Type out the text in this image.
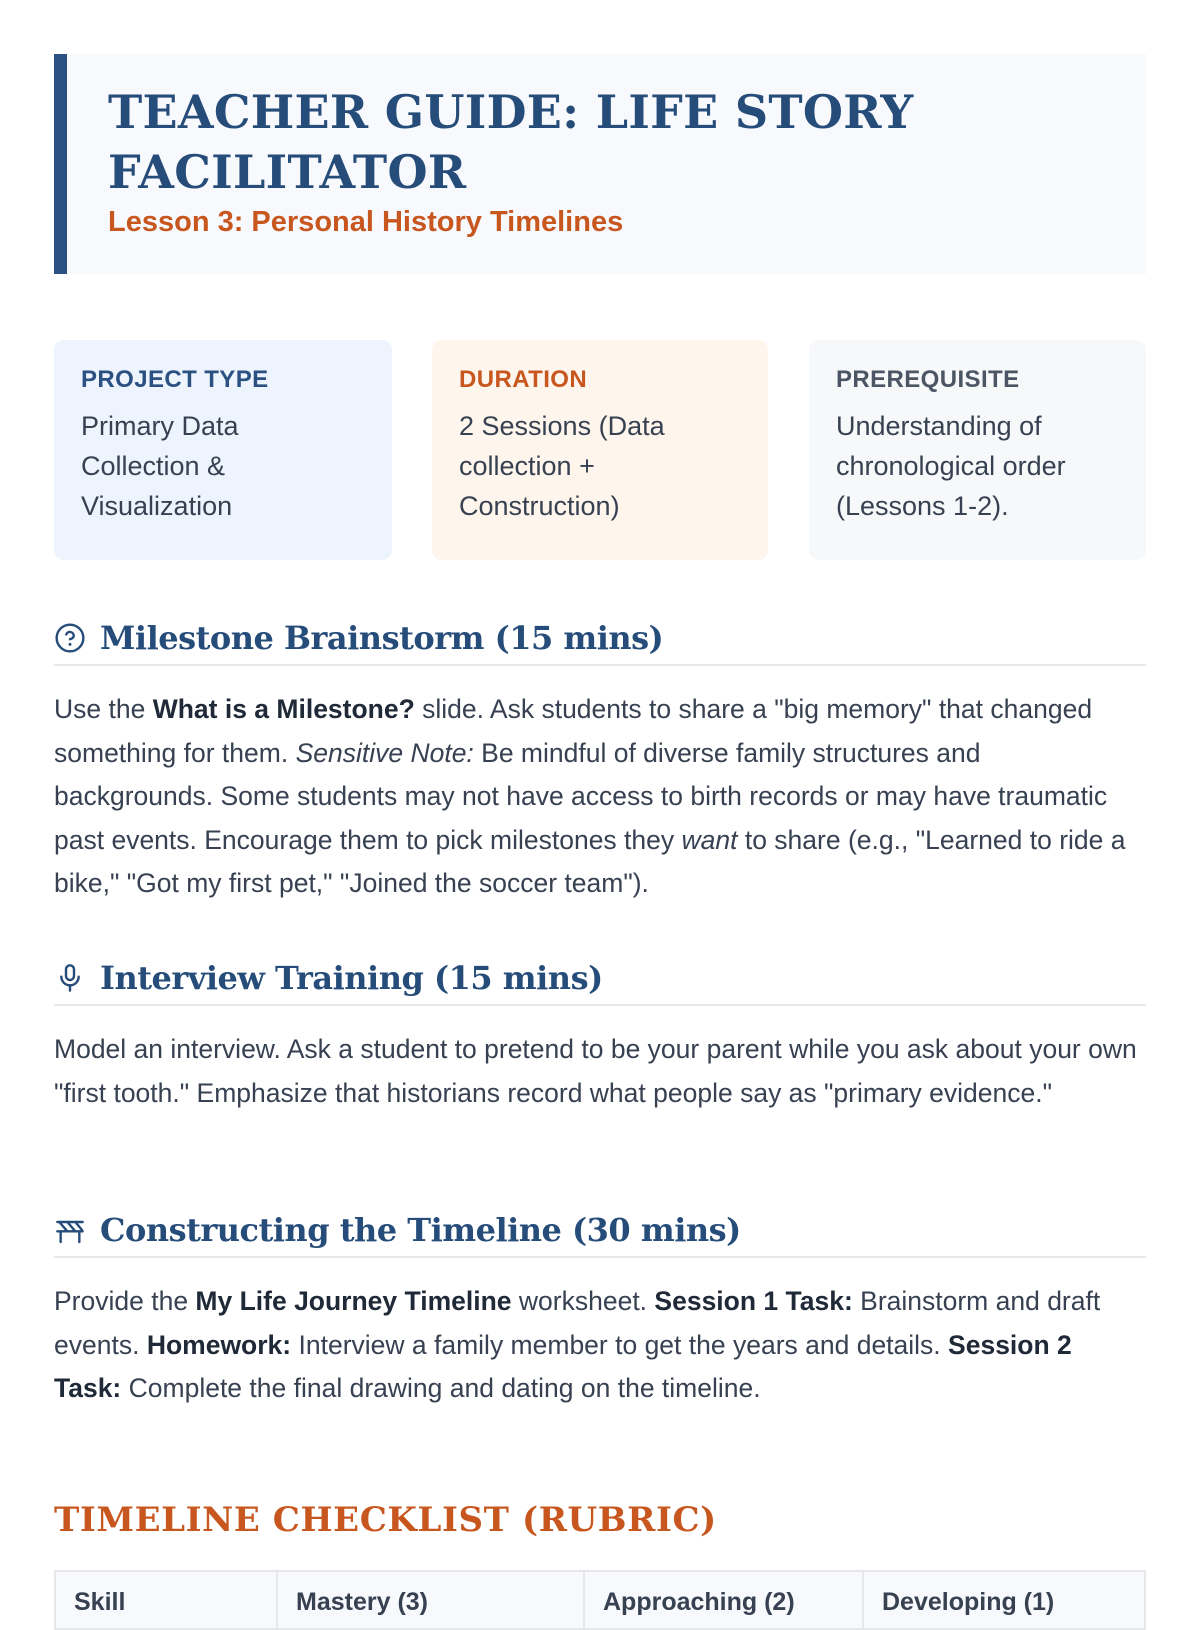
TEACHER GUIDE: LIFE STORY
FACILITATOR
Lesson 3: Personal History Timelines
PROJECT TYPE
Primary Data
Collection &
Visualization
DURATION
2 Sessions (Data
collection +
Construction)
PREREQUISITE
Understanding of
chronological order
(Lessons 1-2).
Milestone Brainstorm (15 mins)

Use the What is a Milestone? slide. Ask students to share a "big memory" that changed something for them. Sensitive Note: Be mindful of diverse family structures and backgrounds. Some students may not have access to birth records or may have traumatic past events. Encourage them to pick milestones they want to share (e.g., "Learned to ride a bike," "Got my first pet," "Joined the soccer team").

Interview Training (15 mins)

Model an interview. Ask a student to pretend to be your parent while you ask about your own "first tooth." Emphasize that historians record what people say as "primary evidence."

Constructing the Timeline (30 mins)

Provide the My Life Journey Timeline worksheet. Session 1 Task: Brainstorm and draft events. Homework: Interview a family member to get the years and details. Session 2 Task: Complete the final drawing and dating on the timeline.

TIMELINE CHECKLIST (RUBRIC)
Skill	Mastery (3)	Approaching (2)	Developing (1)
